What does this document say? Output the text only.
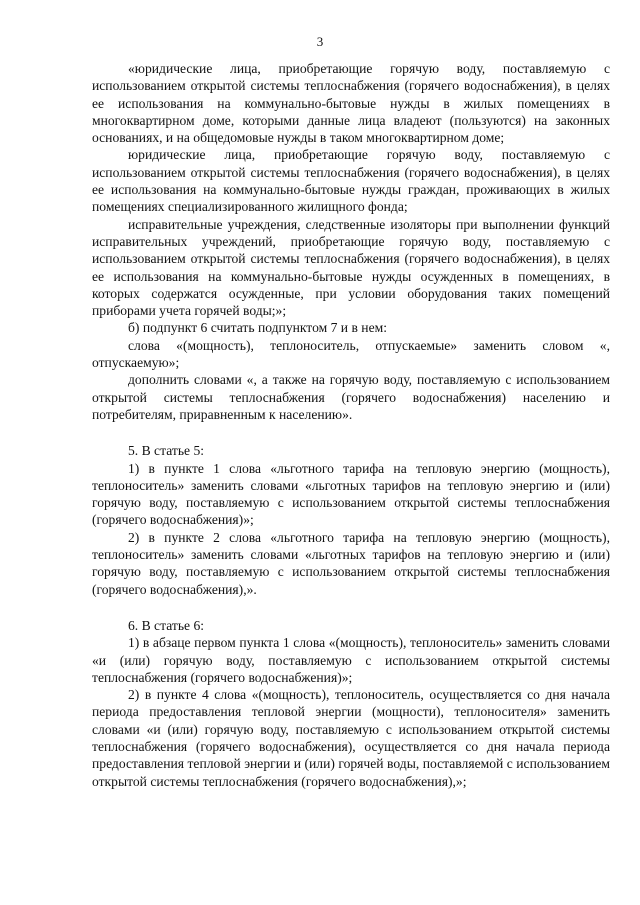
3

«юридические лица, приобретающие горячую воду, поставляемую с использованием открытой системы теплоснабжения (горячего водоснабжения), в целях ее использования на коммунально-бытовые нужды в жилых помещениях в многоквартирном доме, которыми данные лица владеют (пользуются) на законных основаниях, и на общедомовые нужды в таком многоквартирном доме;

юридические лица, приобретающие горячую воду, поставляемую с использованием открытой системы теплоснабжения (горячего водоснабжения), в целях ее использования на коммунально-бытовые нужды граждан, проживающих в жилых помещениях специализированного жилищного фонда;

исправительные учреждения, следственные изоляторы при выполнении функций исправительных учреждений, приобретающие горячую воду, поставляемую с использованием открытой системы теплоснабжения (горячего водоснабжения), в целях ее использования на коммунально-бытовые нужды осужденных в помещениях, в которых содержатся осужденные, при условии оборудования таких помещений приборами учета горячей воды;»;

б) подпункт 6 считать подпунктом 7 и в нем:

слова «(мощность), теплоноситель, отпускаемые» заменить словом «, отпускаемую»;

дополнить словами «, а также на горячую воду, поставляемую с использованием открытой системы теплоснабжения (горячего водоснабжения) населению и потребителям, приравненным к населению».

5. В статье 5:

1) в пункте 1 слова «льготного тарифа на тепловую энергию (мощность), теплоноситель» заменить словами «льготных тарифов на тепловую энергию и (или) горячую воду, поставляемую с использованием открытой системы теплоснабжения (горячего водоснабжения)»;

2) в пункте 2 слова «льготного тарифа на тепловую энергию (мощность), теплоноситель» заменить словами «льготных тарифов на тепловую энергию и (или) горячую воду, поставляемую с использованием открытой системы теплоснабжения (горячего водоснабжения),».

6. В статье 6:

1) в абзаце первом пункта 1 слова «(мощность), теплоноситель» заменить словами «и (или) горячую воду, поставляемую с использованием открытой системы теплоснабжения (горячего водоснабжения)»;

2) в пункте 4 слова «(мощность), теплоноситель, осуществляется со дня начала периода предоставления тепловой энергии (мощности), теплоносителя» заменить словами «и (или) горячую воду, поставляемую с использованием открытой системы теплоснабжения (горячего водоснабжения), осуществляется со дня начала периода предоставления тепловой энергии и (или) горячей воды, поставляемой с использованием открытой системы теплоснабжения (горячего водоснабжения),»;
